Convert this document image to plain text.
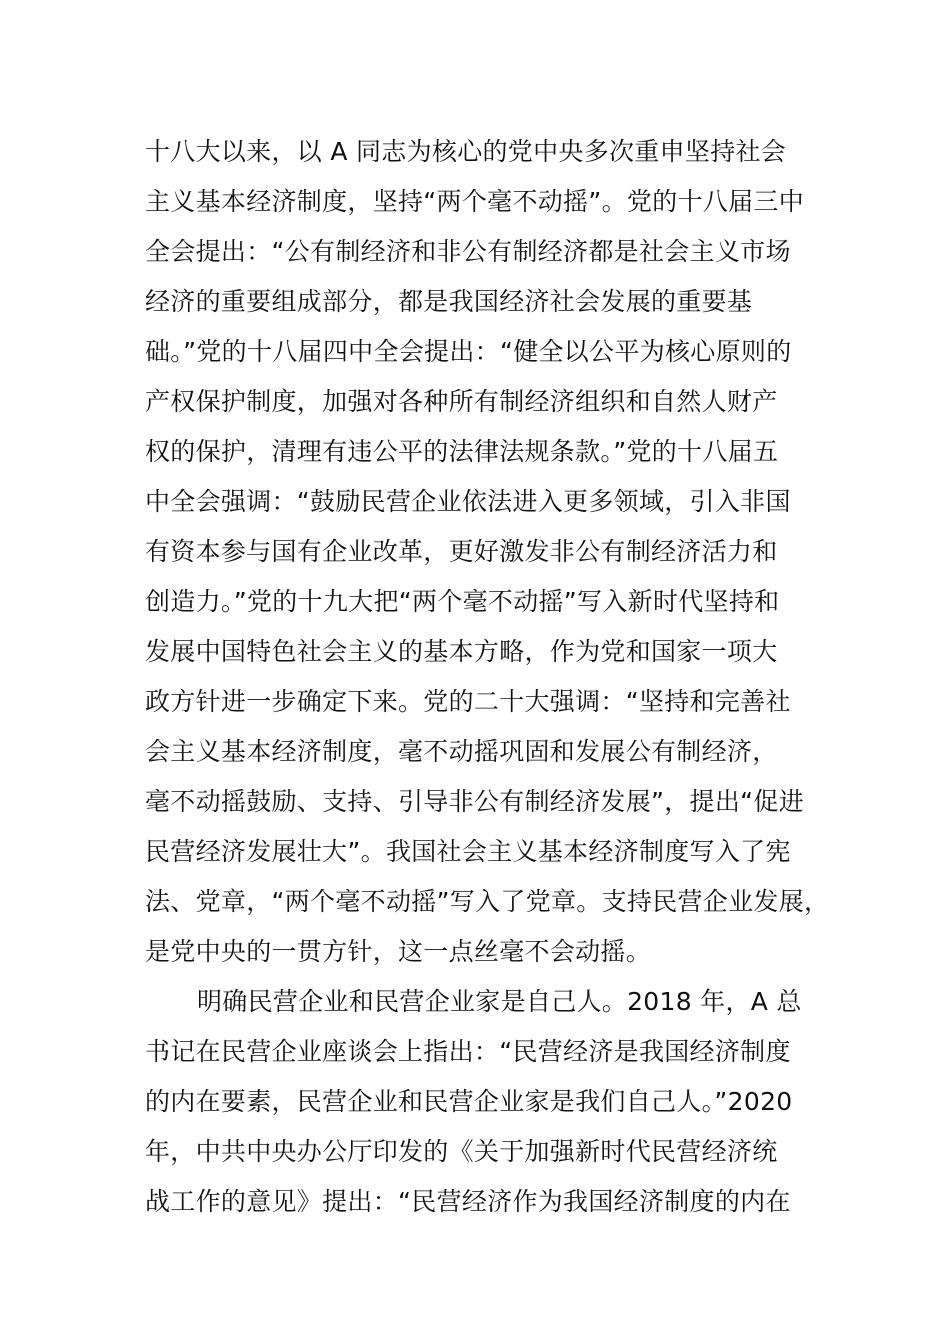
十八大以来，以 A 同志为核心的党中央多次重申坚持社会
主义基本经济制度，坚持“两个毫不动摇”。党的十八届三中
全会提出：“公有制经济和非公有制经济都是社会主义市场
经济的重要组成部分，都是我国经济社会发展的重要基
础。”党的十八届四中全会提出：“健全以公平为核心原则的
产权保护制度，加强对各种所有制经济组织和自然人财产
权的保护，清理有违公平的法律法规条款。”党的十八届五
中全会强调：“鼓励民营企业依法进入更多领域，引入非国
有资本参与国有企业改革，更好激发非公有制经济活力和
创造力。”党的十九大把“两个毫不动摇”写入新时代坚持和
发展中国特色社会主义的基本方略，作为党和国家一项大
政方针进一步确定下来。党的二十大强调：“坚持和完善社
会主义基本经济制度，毫不动摇巩固和发展公有制经济，
毫不动摇鼓励、支持、引导非公有制经济发展”，提出“促进
民营经济发展壮大”。我国社会主义基本经济制度写入了宪
法、党章，“两个毫不动摇”写入了党章。支持民营企业发展，
是党中央的一贯方针，这一点丝毫不会动摇。
明确民营企业和民营企业家是自己人。2018 年，A 总
书记在民营企业座谈会上指出：“民营经济是我国经济制度
的内在要素，民营企业和民营企业家是我们自己人。”2020
年，中共中央办公厅印发的《关于加强新时代民营经济统
战工作的意见》提出：“民营经济作为我国经济制度的内在
